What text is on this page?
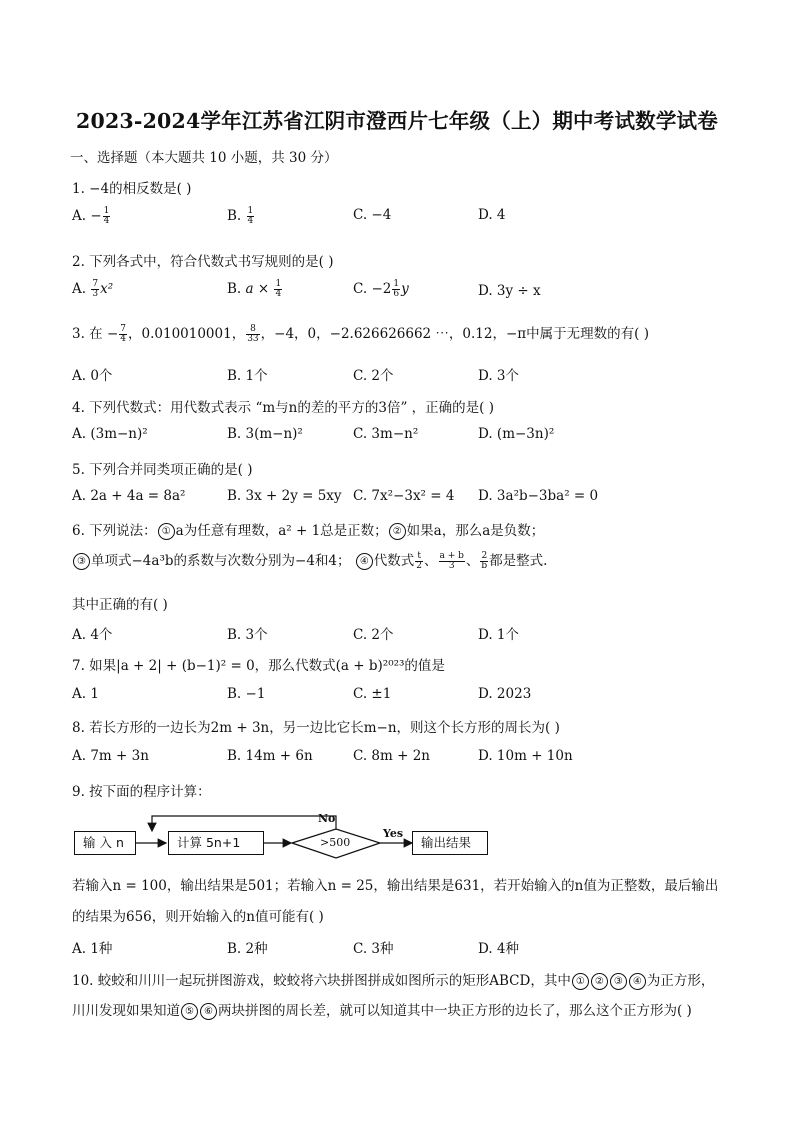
2023-2024学年江苏省江阴市澄西片七年级（上）期中考试数学试卷
一、选择题（本大题共 10 小题，共 30 分）
1. −4的相反数是( )
A. − $\frac{1}{4}$	B. $\frac{1}{4}$	C. −4	D. 4
2. 下列各式中，符合代数式书写规则的是( )
A. $\frac{7}{3} x^2$	B. $a \times \frac{1}{4}$	C. $-2 \frac{1}{6}$ y	D. 3y ÷ x
3. 在 − $\frac{7}{4}$ ，0.010010001， $\frac{8}{33}$ ，−4，0，−2.626626662 ⋯，0.12̇，−π中属于无理数的有( )
A. 0个	B. 1个	C. 2个	D. 3个
4. 下列代数式：用代数式表示 “m与n的差的平方的3倍” ，正确的是( )
A. (3m−n)²	B. 3(m−n)²	C. 3m−n²	D. (m−3n)²
5. 下列合并同类项正确的是( )
A. 2a + 4a = 8a²	B. 3x + 2y = 5xy C. 7x²−3x² = 4 D. 3a²b−3ba² = 0
6. 下列说法： ① a为任意有理数，a² + 1总是正数； ② 如果a，那么a是负数；
③ 单项式−4a³b的系数与次数分别为−4和4； ④ 代数式 $\frac{t}{2}$ 、 $\frac{a + b}{3}$ 、 $\frac{2}{b}$ 都是整式.
其中正确的有( )
A. 4个	B. 3个	C. 2个	D. 1个
7. 如果|a + 2| + (b−1)² = 0，那么代数式(a + b)²⁰²³的值是
A. 1	B. −1	C. ±1	D. 2023
8. 若长方形的一边长为2m + 3n，另一边比它长m−n，则这个长方形的周长为( )
A. 7m + 3n	B. 14m + 6n	C. 8m + 2n	D. 10m + 10n
9. 按下面的程序计算：
输 入 n	计算 5n+1	>500
No
Yes
输出结果
若输入n = 100，输出结果是501；若输入n = 25，输出结果是631，若开始输入的n值为正整数，最后输出
的结果为656，则开始输入的n值可能有( )
A. 1种	B. 2种	C. 3种	D. 4种
10. 蛟蛟和川川一起玩拼图游戏，蛟蛟将六块拼图拼成如图所示的矩形ABCD，其中 ① ② ③ ④ 为正方形，
川川发现如果知道 ⑤ ⑥ 两块拼图的周长差，就可以知道其中一块正方形的边长了，那么这个正方形为( )
